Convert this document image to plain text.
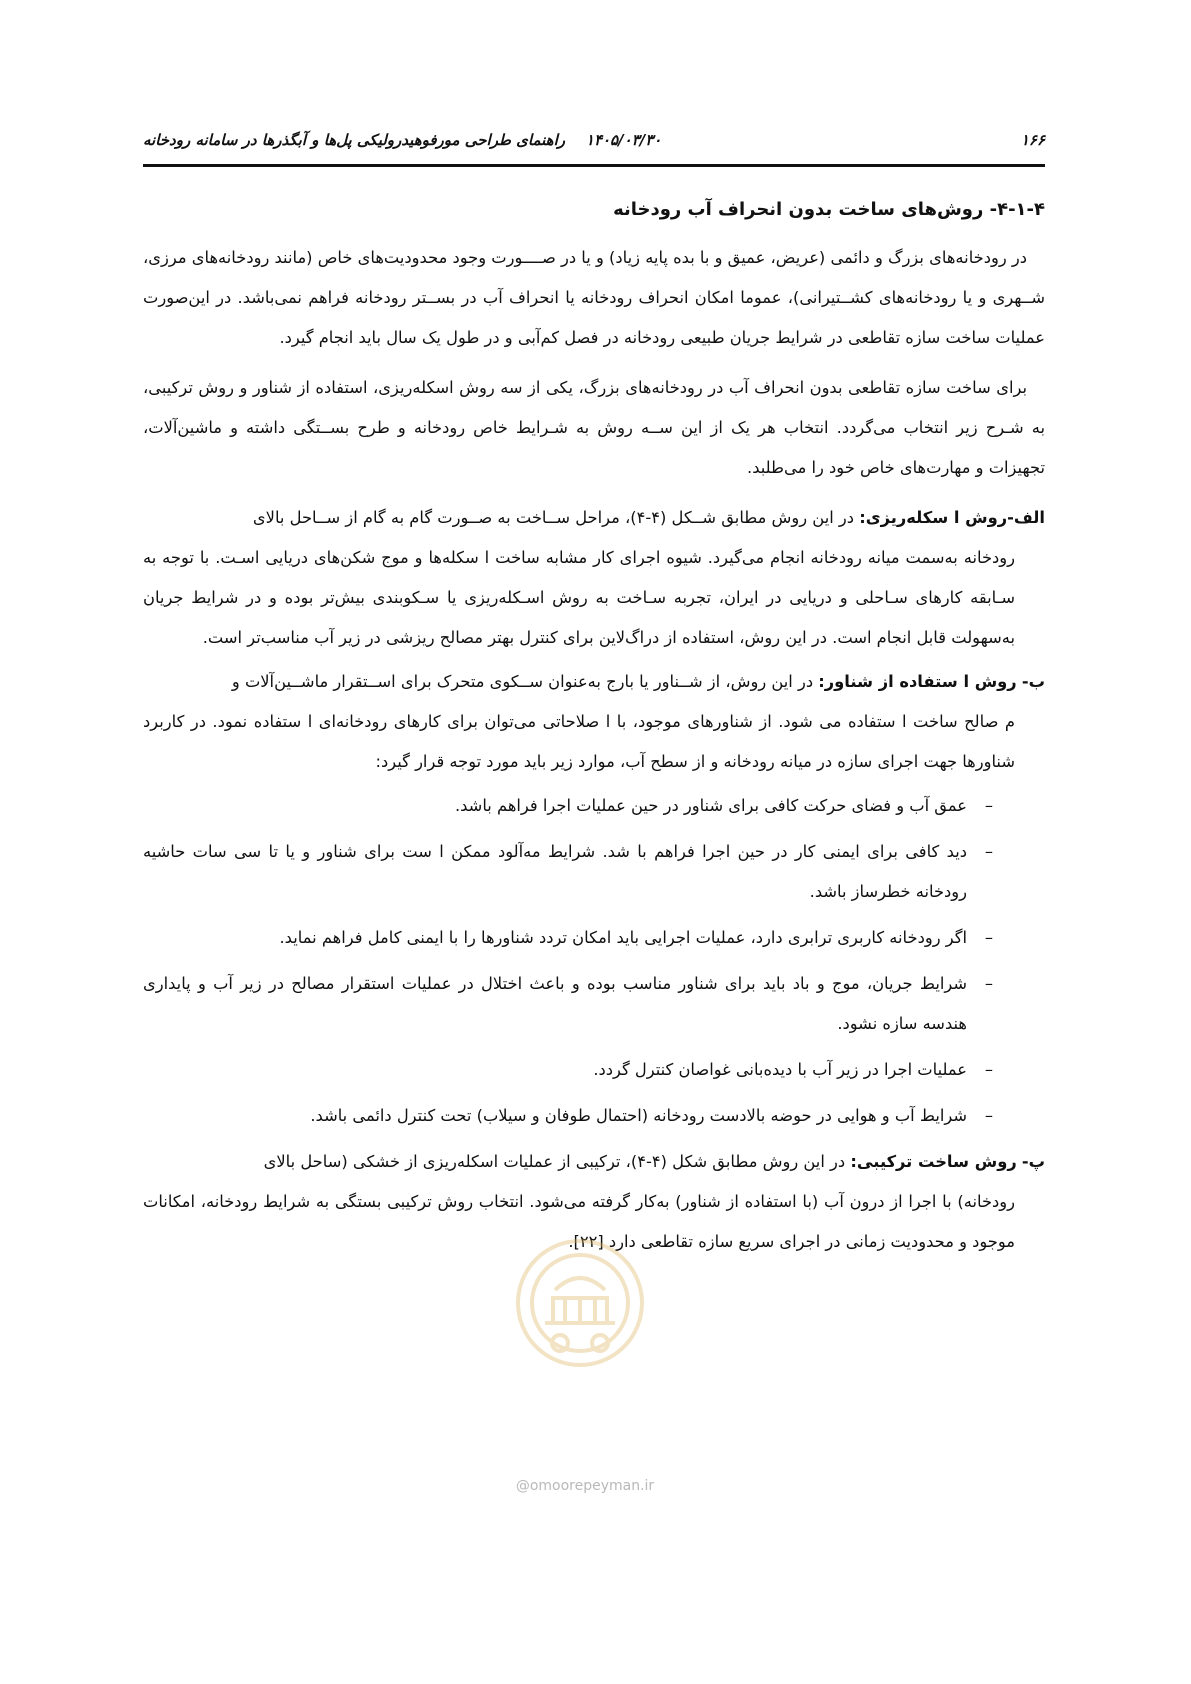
۱۶۶
۱۴۰۵/۰۳/۳۰    راهنمای طراحی مورفوهیدرولیکی پل‌ها و آبگذرها در سامانه رودخانه
۴-۱-۴- روش‌های ساخت بدون انحراف آب رودخانه

در رودخانه‌های بزرگ و دائمی (عریض، عمیق و با بده پایه زیاد) و یا در صــــورت وجود محدودیت‌های خاص (مانند رودخانه‌های مرزی، شــهری و یا رودخانه‌های کشــتیرانی)، عموما امکان انحراف رودخانه یا انحراف آب در بســتر رودخانه فراهم نمی‌باشد. در این‌صورت عملیات ساخت سازه تقاطعی در شرایط جریان طبیعی رودخانه در فصل کم‌آبی و در طول یک سال باید انجام گیرد.

برای ساخت سازه تقاطعی بدون انحراف آب در رودخانه‌های بزرگ، یکی از سه روش اسکله‌ریزی، استفاده از شناور و روش ترکیبی، به شـرح زیر انتخاب می‌گردد. انتخاب هر یک از این ســه روش به شـرایط خاص رودخانه و طرح بســتگی داشته و ماشین‌آلات، تجهیزات و مهارت‌های خاص خود را می‌طلبد.

الف-روش ا سکله‌ریزی: در این روش مطابق شــکل (۴-۴)، مراحل ســاخت به صــورت گام به گام از ســاحل بالای
رودخانه به‌سمت میانه رودخانه انجام می‌گیرد. شیوه اجرای کار مشابه ساخت ا سکله‌ها و موج شکن‌های دریایی اسـت. با توجه به سـابقه کارهای سـاحلی و دریایی در ایران، تجربه سـاخت به روش اسـکله‌ریزی یا سـکوبندی بیش‌تر بوده و در شرایط جریان به‌سهولت قابل انجام است. در این روش، استفاده از دراگ‌لاین برای کنترل بهتر مصالح ریزشی در زیر آب مناسب‌تر است.
ب- روش ا ستفاده از شناور: در این روش، از شــناور یا بارج به‌عنوان ســکوی متحرک برای اســتقرار ماشــین‌آلات و
م صالح ساخت ا ستفاده می شود. از شناورهای موجود، با ا صلاحاتی می‌توان برای کارهای رودخانه‌ای ا ستفاده نمود. در کاربرد شناورها جهت اجرای سازه در میانه رودخانه و از سطح آب، موارد زیر باید مورد توجه قرار گیرد:
–
عمق آب و فضای حرکت کافی برای شناور در حین عملیات اجرا فراهم باشد.
–
دید کافی برای ایمنی کار در حین اجرا فراهم با شد. شرایط مه‌آلود ممکن ا ست برای شناور و یا تا سی سات حاشیه رودخانه خطرساز باشد.
–
اگر رودخانه کاربری ترابری دارد، عملیات اجرایی باید امکان تردد شناورها را با ایمنی کامل فراهم نماید.
–
شرایط جریان، موج و باد باید برای شناور مناسب بوده و باعث اختلال در عملیات استقرار مصالح در زیر آب و پایداری هندسه سازه نشود.
–
عملیات اجرا در زیر آب با دیده‌بانی غواصان کنترل گردد.
–
شرایط آب و هوایی در حوضه بالادست رودخانه (احتمال طوفان و سیلاب) تحت کنترل دائمی باشد.
پ- روش ساخت ترکیبی: در این روش مطابق شکل (۴-۴)، ترکیبی از عملیات اسکله‌ریزی از خشکی (ساحل بالای
رودخانه) با اجرا از درون آب (با استفاده از شناور) به‌کار گرفته می‌شود. انتخاب روش ترکیبی بستگی به شرایط رودخانه، امکانات موجود و محدودیت زمانی در اجرای سریع سازه تقاطعی دارد [۲۲].
@omoorepeyman.ir
